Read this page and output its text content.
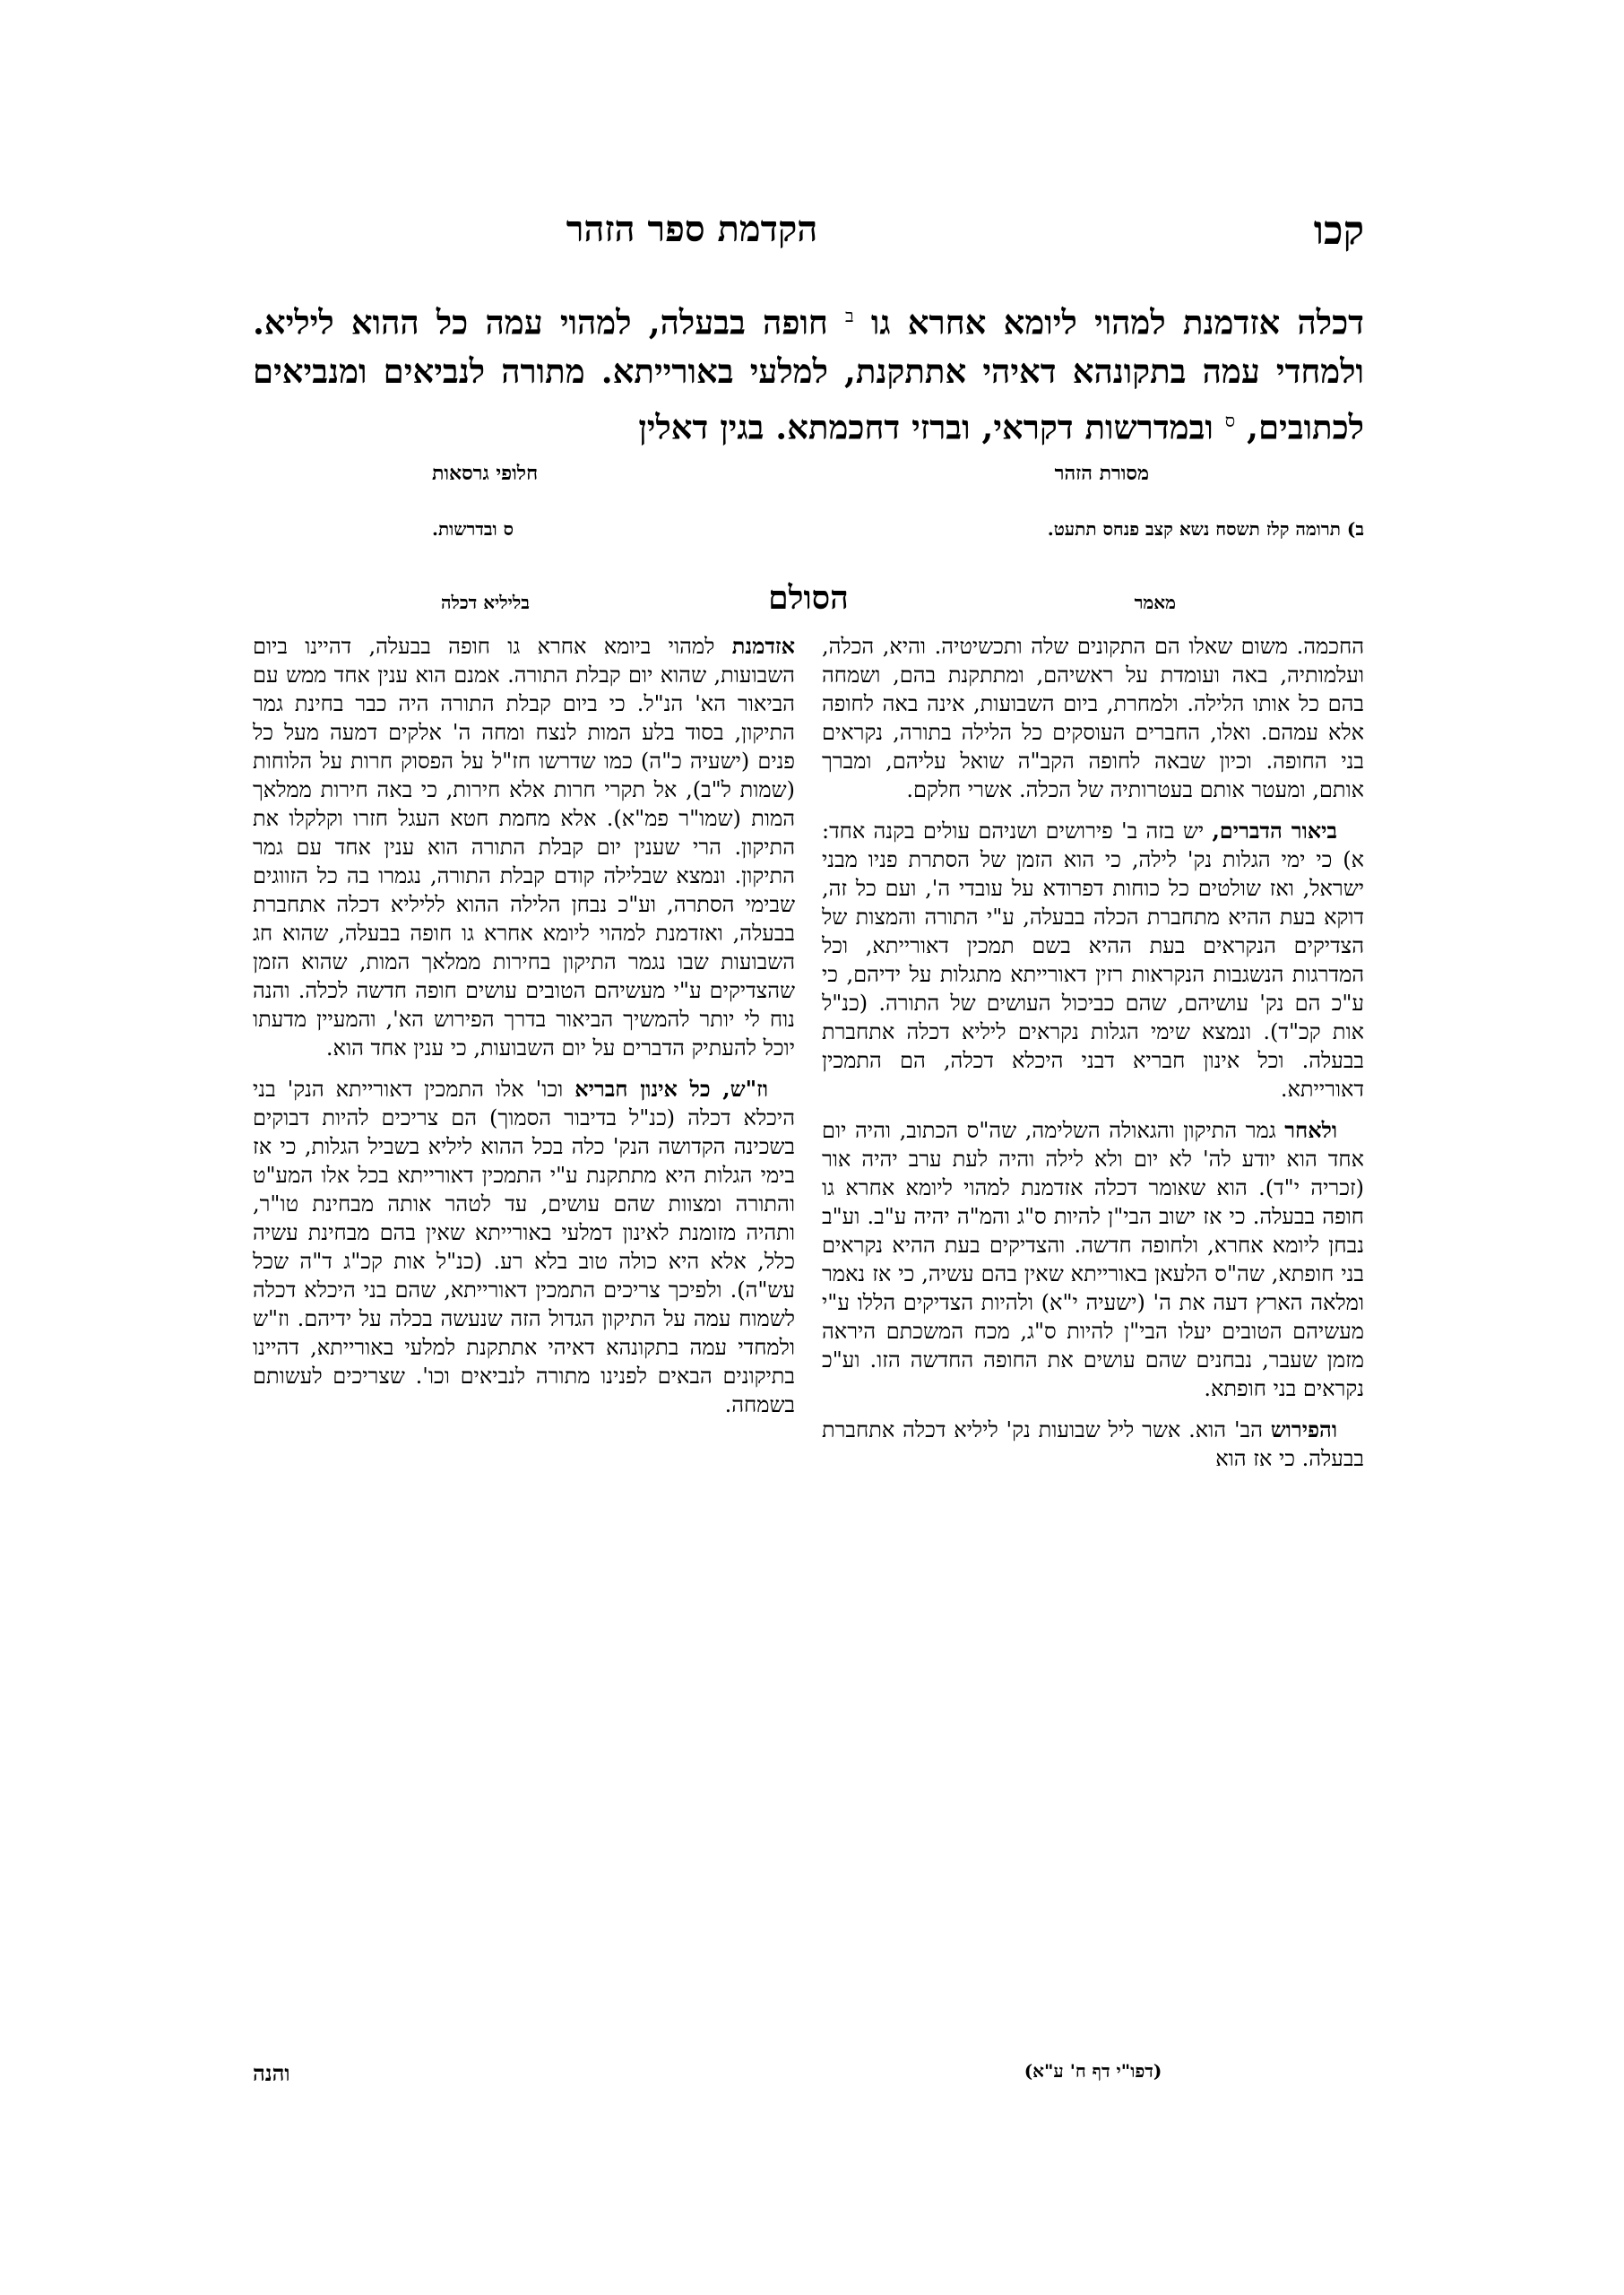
קכו
הקדמת ספר הזהר
דכלה אזדמנת למהוי ליומא אחרא גו $^ב$ חופה בבעלה, למהוי עמה כל ההוא ליליא. ולמחדי עמה בתקונהא דאיהי אתתקנת, למלעי באורייתא. מתורה לנביאים ומנביאים לכתובים, $^ס$ ובמדרשות דקראי, וברזי דחכמתא. בגין דאלין
מסורת הזהר
חלופי גרסאות
ב) תרומה קלז תשסח נשא קצב פנחס תתעט.
ס ובדרשות.
מאמר
הסולם
בליליא דכלה

החכמה. משום שאלו הם התקונים שלה ותכשיטיה. והיא, הכלה, ועלמותיה, באה ועומדת על ראשיהם, ומתתקנת בהם, ושמחה בהם כל אותו הלילה. ולמחרת, ביום השבועות, אינה באה לחופה אלא עמהם. ואלו, החברים העוסקים כל הלילה בתורה, נקראים בני החופה. וכיון שבאה לחופה הקב"ה שואל עליהם, ומברך אותם, ומעטר אותם בעטרותיה של הכלה. אשרי חלקם.

ביאור הדברים, יש בזה ב' פירושים ושניהם עולים בקנה אחד: א) כי ימי הגלות נק' לילה, כי הוא הזמן של הסתרת פניו מבני ישראל, ואז שולטים כל כוחות דפרודא על עובדי ה', ועם כל זה, דוקא בעת ההיא מתחברת הכלה בבעלה, ע"י התורה והמצות של הצדיקים הנקראים בעת ההיא בשם תמכין דאורייתא, וכל המדרגות הנשגבות הנקראות רזין דאורייתא מתגלות על ידיהם, כי ע"כ הם נק' עושיהם, שהם כביכול העושים של התורה. (כנ"ל אות קכ"ד). ונמצא שימי הגלות נקראים ליליא דכלה אתחברת בבעלה. וכל אינון חבריא דבני היכלא דכלה, הם התמכין דאורייתא.

ולאחר גמר התיקון והגאולה השלימה, שה"ס הכתוב, והיה יום אחד הוא יודע לה' לא יום ולא לילה והיה לעת ערב יהיה אור (זכריה י"ד). הוא שאומר דכלה אזדמנת למהוי ליומא אחרא גו חופה בבעלה. כי אז ישוב הבי"ן להיות ס"ג והמ"ה יהיה ע"ב. וע"ב נבחן ליומא אחרא, ולחופה חדשה. והצדיקים בעת ההיא נקראים בני חופתא, שה"ס הלעאן באורייתא שאין בהם עשיה, כי אז נאמר ומלאה הארץ דעה את ה' (ישעיה י"א) ולהיות הצדיקים הללו ע"י מעשיהם הטובים יעלו הבי"ן להיות ס"ג, מכח המשכתם היראה מזמן שעבר, נבחנים שהם עושים את החופה החדשה הזו. וע"כ נקראים בני חופתא.

והפירוש הב' הוא. אשר ליל שבועות נק' ליליא דכלה אתחברת בבעלה. כי אז הוא

אזדמנת למהוי ביומא אחרא גו חופה בבעלה, דהיינו ביום השבועות, שהוא יום קבלת התורה. אמנם הוא ענין אחד ממש עם הביאור הא' הנ"ל. כי ביום קבלת התורה היה כבר בחינת גמר התיקון, בסוד בלע המות לנצח ומחה ה' אלקים דמעה מעל כל פנים (ישעיה כ"ה) כמו שדרשו חז"ל על הפסוק חרות על הלוחות (שמות ל"ב), אל תקרי חרות אלא חירות, כי באה חירות ממלאך המות (שמו"ר פמ"א). אלא מחמת חטא העגל חזרו וקלקלו את התיקון. הרי שענין יום קבלת התורה הוא ענין אחד עם גמר התיקון. ונמצא שבלילה קודם קבלת התורה, נגמרו בה כל הזווגים שבימי הסתרה, וע"כ נבחן הלילה ההוא לליליא דכלה אתחברת בבעלה, ואזדמנת למהוי ליומא אחרא גו חופה בבעלה, שהוא חג השבועות שבו נגמר התיקון בחירות ממלאך המות, שהוא הזמן שהצדיקים ע"י מעשיהם הטובים עושים חופה חדשה לכלה. והנה נוח לי יותר להמשיך הביאור בדרך הפירוש הא', והמעיין מדעתו יוכל להעתיק הדברים על יום השבועות, כי ענין אחד הוא.

וז"ש, כל אינון חבריא וכו' אלו התמכין דאורייתא הנק' בני היכלא דכלה (כנ"ל בדיבור הסמוך) הם צריכים להיות דבוקים בשכינה הקדושה הנק' כלה בכל ההוא ליליא בשביל הגלות, כי אז בימי הגלות היא מתתקנת ע"י התמכין דאורייתא בכל אלו המע"ט והתורה ומצוות שהם עושים, עד לטהר אותה מבחינת טו"ר, ותהיה מזומנת לאינון דמלעי באורייתא שאין בהם מבחינת עשיה כלל, אלא היא כולה טוב בלא רע. (כנ"ל אות קכ"ג ד"ה שכל עש"ה). ולפיכך צריכים התמכין דאורייתא, שהם בני היכלא דכלה לשמוח עמה על התיקון הגדול הזה שנעשה בכלה על ידיהם. וז"ש ולמחדי עמה בתקונהא דאיהי אתתקנת למלעי באורייתא, דהיינו בתיקונים הבאים לפנינו מתורה לנביאים וכו'. שצריכים לעשותם בשמחה.

(דפו"י דף ח' ע"א)
והנה
